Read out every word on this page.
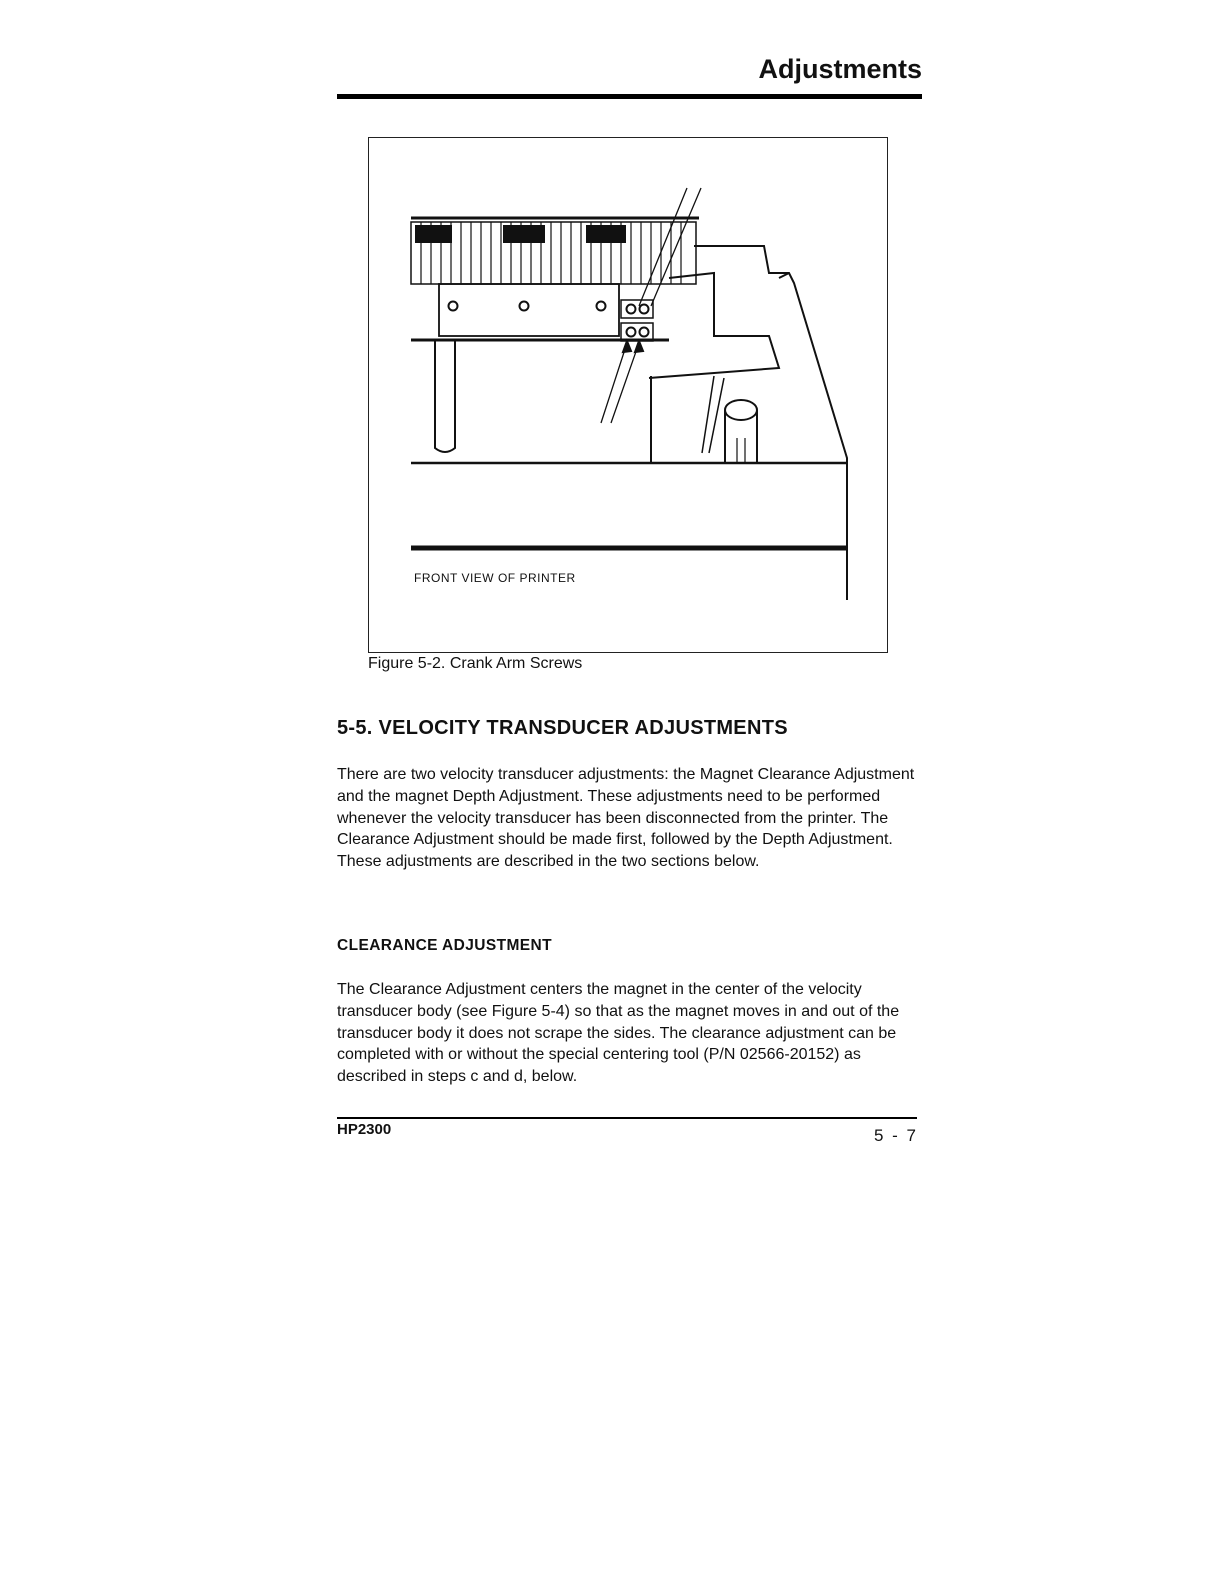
Adjustments
FRONT VIEW OF PRINTER
Figure 5-2. Crank Arm Screws
5-5. VELOCITY TRANSDUCER ADJUSTMENTS

There are two velocity transducer adjustments: the Magnet Clearance Adjustment and the magnet Depth Adjustment. These adjustments need to be performed whenever the velocity transducer has been disconnected from the printer. The Clearance Adjustment should be made first, followed by the Depth Adjustment. These adjustments are described in the two sections below.

CLEARANCE ADJUSTMENT

The Clearance Adjustment centers the magnet in the center of the velocity transducer body (see Figure 5-4) so that as the magnet moves in and out of the transducer body it does not scrape the sides. The clearance adjustment can be completed with or without the special centering tool (P/N 02566-20152) as described in steps c and d, below.

HP2300	5 - 7
